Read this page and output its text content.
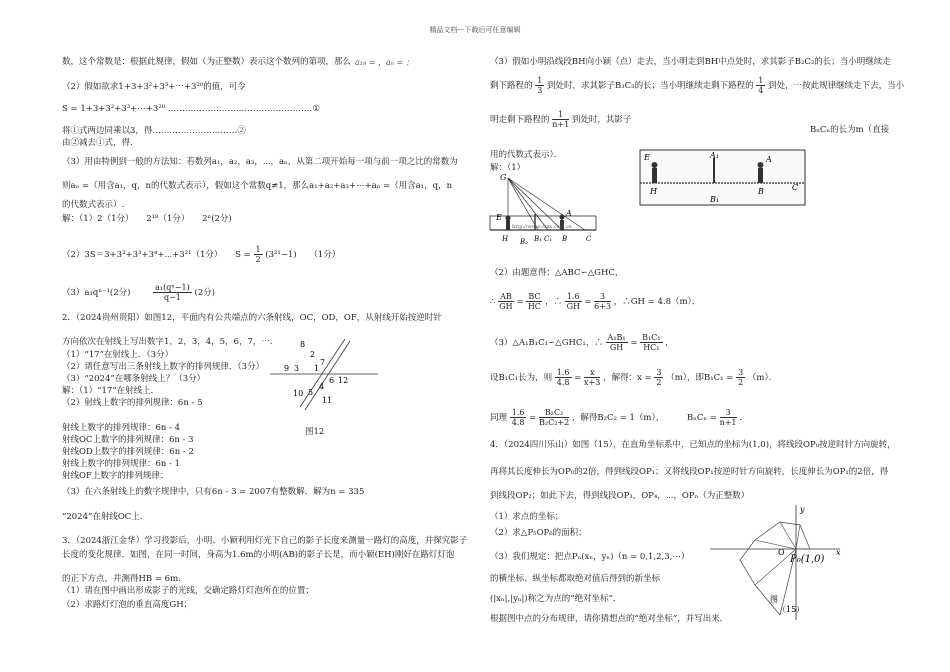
精品文档---下载后可任意编辑
数，这个常数是：根据此规律，假如（为正整数）表示这个数列的第项，那么 a₁₈ = ，aₙ = ；
（2）假如欲求1+3+3²+3³+⋯+3²⁰的值，可令
S = 1+3+3²+3³+⋯+3²⁰ ……………………………………………①
将①式两边同乘以3，得…………………………②
由②减去①式，得.
（3）用由特例到一般的方法知：若数列a₁，a₂，a₃，⋯，aₙ，从第二项开始每一项与前一项之比的常数为
则aₙ =（用含a₁，q，n的代数式表示），假如这个常数q≠1，那么a₁+a₂+a₃+⋯+aₙ =（用含a₁，q，n
的代数式表示）.
解：（1）2（1分）　　2¹⁸（1分）　　2ⁿ(2分)
（2）3S＝3+3²+3³+3⁴+⋯+3²¹（1分）　　$S = \frac{1}{2} (3^{21}-1)$　　（1分）
（3）a₁qⁿ⁻¹(2分)	$\frac{\text{a₁(qⁿ−1)}}{q-1} (2$分)
2．（2024贵州贵阳）如图12，平面内有公共端点的六条射线，OC，OD，OF，从射线开始按逆时针
方向依次在射线上写出数字1，2，3，4，5，6，7，⋯．
（1）“17”在射线上．（3分）
（2）请任意写出三条射线上数字的排列规律．（3分）
（3）“2024”在哪条射线上？（3分）
解：（1）“17”在射线上．
（2）射线上数字的排列规律：6n - 5
射线上数字的排列规律：6n - 4
射线OC上数字的排列规律：6n - 3
射线OD上数字的排列规律：6n - 2
射线上数字的排列规律：6n - 1
射线OF上数字的排列规律：
（3）在六条射线上的数字规律中，只有6n - 3 = 2007有整数解．解为n = 335
“2024”在射线OC上．
3．（2024浙江金华）学习投影后，小明、小颖利用灯光下自己的影子长度来测量一路灯的高度，并探究影子
长度的变化规律．如图，在同一时间，身高为1.6m的小明(AB)的影子长是，而小颖(EH)刚好在路灯灯泡
的正下方点，并测得HB = 6m．
（1）请在图中画出形成影子的光线，交确定路灯灯泡所在的位置；
（2）求路灯灯泡的垂直高度GH；
8
2
7
9 3 1
6 12
4
10 5
11
图12
（3）假如小明沿线段BH向小颖（点）走去，当小明走到BH中点处时，求其影子B₂C₂的长；当小明继续走
剩下路程的 $\frac{1}{3}$ 到处时，求其影子B₃C₃的长；当小明继续走剩下路程的 $\frac{1}{4}$ 到处，⋯按此规律继续走下去，当小
明走剩下路程的 $\frac{1}{n+1}$ 到处时，其影子
BₙCₙ的长为m（直接
用的代数式表示）．
解：（1）
E	A₁	A
H
B₁
B	C
G
E	A
H B₂ B₁ C₁ B	C
http://www.czsx.com.cn
（2）由题意得：△ABC∽△GHC，
∴ $\frac{AB}{GH} = \frac{BC}{HC}$ ，∴ $\frac{1.6}{GH} = \frac{3}{6+3}$ ，∴GH = 4.8（m）．
（3）△A₁B₁C₁∽△GHC₁，∴ $\frac{\text{A₁B₁}}{GH} = \frac{\text{B₁C₁}}{\text{HC₁}}$ ，
设B₁C₁长为，则 $\frac{1.6}{4.8} = \frac{x}{x+3}$ ，解得：$x = \frac{3}{2} (m)$，即$B_1C_1 = \frac{3}{2} (m)$．
同理 $\frac{1.6}{4.8} = \frac{\text{B₂C₂}}{\text{B₂C₂+2}}$ ，解得B₂C₂ = 1（m），	$B_nC_n = \frac{3}{n+1}$ ．
4．（2024四川乐山）如图（15），在直角坐标系中，已知点的坐标为(1,0)，将线段OP₀按逆时针方向旋转，
再将其长度伸长为OP₀的2倍，得到线段OP₁；又将线段OP₁按逆时针方向旋转，长度伸长为OP₁的2倍，得
到线段OP₂；如此下去，得到线段OP₃，OP₄，⋯，OPₙ（为正整数）
（1）求点的坐标；
（2）求△P₅OP₆的面积；
（3）我们规定：把点Pₙ(xₙ，yₙ)（n = 0,1,2,3,⋯）
的横坐标、纵坐标都取绝对值后得到的新坐标
(|xₙ|,|yₙ|)称之为点的“绝对坐标”．
根据图中点的分布规律，请你猜想点的“绝对坐标”，并写出来．
y
O
P₀(1,0)
x
图
（15）
